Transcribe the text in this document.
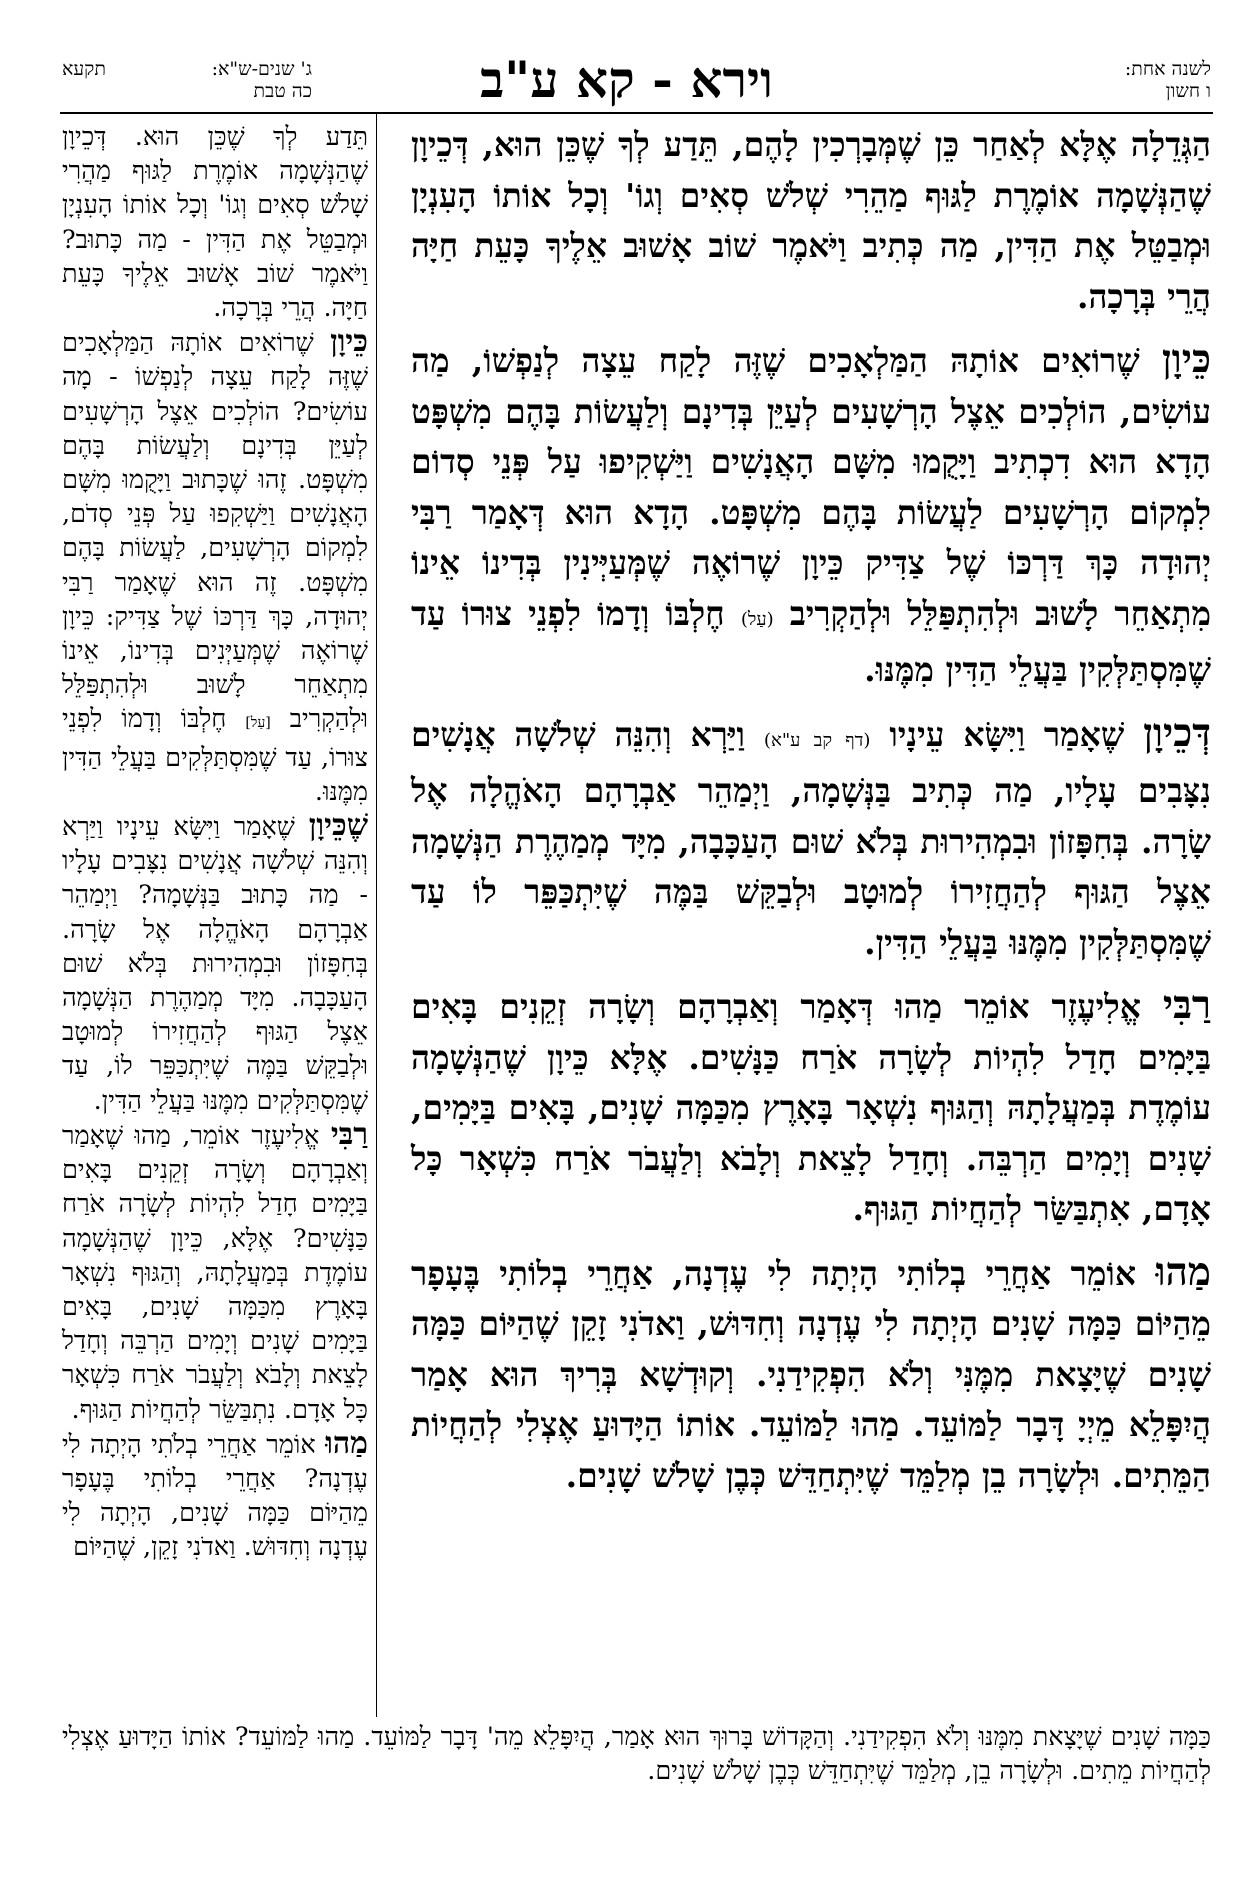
לשנה אחת:
ו חשון
וירא - קא ע"ב
ג' שנים-ש"א:
תקעא
כה טבת

הַגְּדֵלָה אֶלָּא לְאַחַר כֵּן שֶׁמְּבָרְכִין לָהֶם, תֵּדַע לְךָ שֶׁכֵּן הוּא, דְּכֵיוָן שֶׁהַנְּשָׁמָה אוֹמֶרֶת לַגּוּף מַהֵרִי שְׁלֹשׁ סְאִים וְגוֹ' וְכָל אוֹתוֹ הָעִנְיָן וּמְבַטֵּל אֶת הַדִּין, מַה כְּתִיב וַיֹּאמֶר שׁוֹב אָשׁוּב אֵלֶיךָ כָּעֵת חַיָּה הֲרֵי בְּרָכָה.

כֵּיוָן שֶׁרוֹאִים אוֹתָהּ הַמַּלְאָכִים שֶׁזֶּה לָקַח עֵצָה לְנַפְשׁוֹ, מַה עוֹשִׂים, הוֹלְכִים אֵצֶל הָרְשָׁעִים לְעַיֵּן בְּדִינָם וְלַעֲשׂוֹת בָּהֶם מִשְׁפָּט הָדָא הוּא דִכְתִיב וַיָּקֻמוּ מִשָּׁם הָאֲנָשִׁים וַיַּשְׁקִיפוּ עַל פְּנֵי סְדוֹם לִמְקוֹם הָרְשָׁעִים לַעֲשׂוֹת בָּהֶם מִשְׁפָּט. הָדָא הוּא דְּאָמַר רַבִּי יְהוּדָה כָּךְ דַּרְכּוֹ שֶׁל צַדִּיק כֵּיוָן שֶׁרוֹאֶה שֶׁמְּעַיְּינִין בְּדִינוֹ אֵינוֹ מִתְאַחֵר לָשׁוּב וּלְהִתְפַּלֵּל וּלְהַקְרִיב (עַל) חֶלְבּוֹ וְדָמוֹ לִפְנֵי צוּרוֹ עַד שֶׁמִּסְתַּלְּקִין בַּעֲלֵי הַדִּין מִמֶּנּוּ.

דְּכֵיוָן שֶׁאָמַר וַיִּשָּׂא עֵינָיו (דף קב ע"א) וַיַּרְא וְהִנֵּה שְׁלֹשָׁה אֲנָשִׁים נִצָּבִים עָלָיו, מַה כְּתִיב בַּנְּשָׁמָה, וַיְמַהֵר אַבְרָהָם הָאֹהֱלָה אֶל שָׂרָה. בְּחִפָּזוֹן וּבִמְהִירוּת בְּלֹא שׁוּם הָעַכָּבָה, מִיָּד מְמַהֶרֶת הַנְּשָׁמָה אֵצֶל הַגּוּף לְהַחֲזִירוֹ לְמוּטָב וּלְבַקֵּשׁ בַּמֶּה שֶׁיִּתְכַּפֵּר לוֹ עַד שֶׁמִּסְתַּלְּקִין מִמֶּנּוּ בַּעֲלֵי הַדִּין.

רַבִּי אֱלִיעֶזֶר אוֹמֵר מַהוּ דְּאָמַר וְאַבְרָהָם וְשָׂרָה זְקֵנִים בָּאִים בַּיָּמִים חָדַל לִהְיוֹת לְשָׂרָה אֹרַח כַּנָּשִׁים. אֶלָּא כֵּיוָן שֶׁהַנְּשָׁמָה עוֹמֶדֶת בְּמַעֲלָתָהּ וְהַגּוּף נִשְׁאָר בָּאָרֶץ מִכַּמָּה שָׁנִים, בָּאִים בַּיָּמִים, שָׁנִים וְיָמִים הַרְבֵּה. וְחָדַל לָצֵאת וְלָבֹא וְלַעֲבֹר אֹרַח כִּשְׁאָר כָּל אָדָם, אִתְבַּשַּׂר לְהַחֲיוֹת הַגּוּף.

מַהוּ אוֹמֵר אַחֲרֵי בְלוֹתִי הָיְתָה לִי עֶדְנָה, אַחֲרֵי בְלוֹתִי בֶּעָפָר מֵהַיּוֹם כַּמָּה שָׁנִים הָיְתָה לִי עֶדְנָה וְחִדּוּשׁ, וַאדֹנִי זָקֵן שֶׁהַיּוֹם כַּמָּה שָׁנִים שֶׁיָּצָאת מִמֶּנִּי וְלֹא הִפְקִידַנִי. וְקוּדְשָׁא בְּרִיךְ הוּא אָמַר הֲיִפָּלֵא מֵיְיָ דָּבָר לַמּוֹעֵד. מַהוּ לַמּוֹעֵד. אוֹתוֹ הַיָּדוּעַ אֶצְלִי לְהַחֲיוֹת הַמֵּתִים. וּלְשָׂרָה בֵן מְלַמֵּד שֶׁיִּתְחַדֵּשׁ כְּבֶן שָׁלֹשׁ שָׁנִים.

תֵּדַע לְךָ שֶׁכֵּן הוּא. דְּכֵיוָן שֶׁהַנְּשָׁמָה אוֹמֶרֶת לַגּוּף מַהֲרִי שָׁלֹשׁ סְאִים וְגוֹ' וְכָל אוֹתוֹ הָעִנְיָן וּמְבַטֵּל אֶת הַדִּין - מַה כָּתוּב? וַיֹּאמֶר שׁוֹב אָשׁוּב אֵלֶיךָ כָּעֵת חַיָּה. הֲרֵי בְּרָכָה.

כֵּיוָן שֶׁרוֹאִים אוֹתָהּ הַמַּלְאָכִים שֶׁזֶּה לָקַח עֵצָה לְנַפְשׁוֹ - מָה עוֹשִׂים? הוֹלְכִים אֵצֶל הָרְשָׁעִים לְעַיֵּן בְּדִינָם וְלַעֲשׂוֹת בָּהֶם מִשְׁפָּט. זֶהוּ שֶׁכָּתוּב וַיָּקֻמוּ מִשָּׁם הָאֲנָשִׁים וַיַּשְׁקִפוּ עַל פְּנֵי סְדֹם, לִמְקוֹם הָרְשָׁעִים, לַעֲשׂוֹת בָּהֶם מִשְׁפָּט. זֶה הוּא שֶׁאָמַר רַבִּי יְהוּדָה, כָּךְ דַּרְכּוֹ שֶׁל צַדִּיק: כֵּיוָן שֶׁרוֹאֶה שֶׁמְּעַיְּנִים בְּדִינוֹ, אֵינוֹ מִתְאַחֵר לָשׁוּב וּלְהִתְפַּלֵּל וּלְהַקְרִיב [עַל] חֶלְבּוֹ וְדָמוֹ לִפְנֵי צוּרוֹ, עַד שֶׁמִּסְתַּלְּקִים בַּעֲלֵי הַדִּין מִמֶּנּוּ.

שֶׁכֵּיוָן שֶׁאָמַר וַיִּשָּׂא עֵינָיו וַיַּרְא וְהִנֵּה שְׁלֹשָׁה אֲנָשִׁים נִצָּבִים עָלָיו - מַה כָּתוּב בַּנְּשָׁמָה? וַיְמַהֵר אַבְרָהָם הָאֹהֱלָה אֶל שָׂרָה. בְּחִפָּזוֹן וּבִמְהִירוּת בְּלֹא שׁוּם הָעַכָּבָה. מִיָּד מְמַהֶרֶת הַנְּשָׁמָה אֵצֶל הַגּוּף לְהַחֲזִירוֹ לְמוּטָב וּלְבַקֵּשׁ בַּמֶּה שֶׁיִּתְכַּפֵּר לוֹ, עַד שֶׁמִּסְתַּלְּקִים מִמֶּנּוּ בַּעֲלֵי הַדִּין.

רַבִּי אֱלִיעֶזֶר אוֹמֵר, מַהוּ שֶׁאָמַר וְאַבְרָהָם וְשָׂרָה זְקֵנִים בָּאִים בַּיָּמִים חָדַל לִהְיוֹת לְשָׂרָה אֹרַח כַּנָּשִׁים? אֶלָּא, כֵּיוָן שֶׁהַנְּשָׁמָה עוֹמֶדֶת בְּמַעֲלָתָהּ, וְהַגּוּף נִשְׁאָר בָּאָרֶץ מִכַּמָּה שָׁנִים, בָּאִים בַּיָּמִים שָׁנִים וְיָמִים הַרְבֵּה וְחָדַל לָצֵאת וְלָבֹא וְלַעֲבֹר אֹרַח כִּשְׁאָר כָּל אָדָם. נִתְבַּשֵּׂר לְהַחֲיוֹת הַגּוּף.

מַהוּ אוֹמֵר אַחֲרֵי בְלֹתִי הָיְתָה לִי עֶדְנָה? אַחֲרֵי בְלוֹתִי בֶּעָפָר מֵהַיּוֹם כַּמָּה שָׁנִים, הָיְתָה לִי עֶדְנָה וְחִדּוּשׁ. וַאדֹנִי זָקֵן, שֶׁהַיּוֹם

כַּמָּה שָׁנִים שֶׁיָּצָאת מִמֶּנּוּ וְלֹא הִפְקִידַנִי. וְהַקָּדוֹשׁ בָּרוּךְ הוּא אָמַר, הֲיִפָּלֵא מֵה' דָּבָר לַמּוֹעֵד. מַהוּ לַמּוֹעֵד? אוֹתוֹ הַיָּדוּעַ אֶצְלִי לְהַחֲיוֹת מֵתִים. וּלְשָׂרָה בֵן, מְלַמֵּד שֶׁיִּתְחַדֵּשׁ כְּבֶן שָׁלֹשׁ שָׁנִים.
